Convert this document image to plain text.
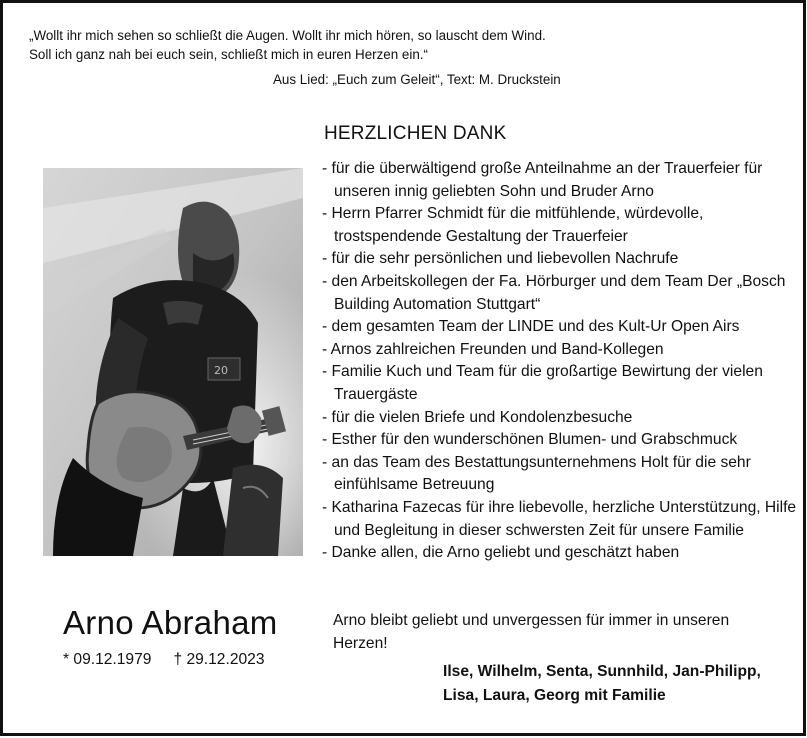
„Wollt ihr mich sehen so schließt die Augen. Wollt ihr mich hören, so lauscht dem Wind.
Soll ich ganz nah bei euch sein, schließt mich in euren Herzen ein.“
Aus Lied: „Euch zum Geleit“, Text: M. Druckstein
HERZLICHEN DANK
- für die überwältigend große Anteilnahme an der Trauerfeier für unseren innig geliebten Sohn und Bruder Arno
- Herrn Pfarrer Schmidt für die mitfühlende, würdevolle, trostspendende Gestaltung der Trauerfeier
- für die sehr persönlichen und liebevollen Nachrufe
- den Arbeitskollegen der Fa. Hörburger und dem Team Der „Bosch Building Automation Stuttgart“
- dem gesamten Team der LINDE und des Kult-Ur Open Airs
- Arnos zahlreichen Freunden und Band-Kollegen
- Familie Kuch und Team für die großartige Bewirtung der vielen Trauergäste
- für die vielen Briefe und Kondolenzbesuche
- Esther für den wunderschönen Blumen- und Grabschmuck
- an das Team des Bestattungsunternehmens Holt für die sehr einfühlsame Betreuung
- Katharina Fazecas für ihre liebevolle, herzliche Unterstützung, Hilfe und Begleitung in dieser schwersten Zeit für unsere Familie
- Danke allen, die Arno geliebt und geschätzt haben
20
Arno Abraham
* 09.12.1979 † 29.12.2023
Arno bleibt geliebt und unvergessen für immer in unseren Herzen!
Ilse, Wilhelm, Senta, Sunnhild, Jan-Philipp,
Lisa, Laura, Georg mit Familie
